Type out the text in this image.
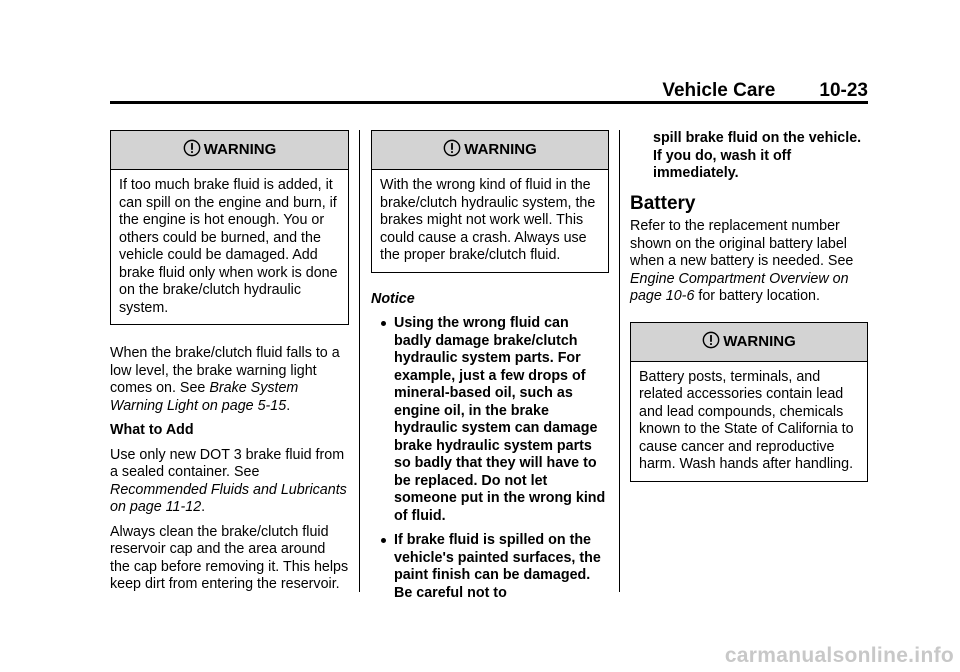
Vehicle Care 10-23
WARNING
If too much brake fluid is added, it can spill on the engine and burn, if the engine is hot enough. You or others could be burned, and the vehicle could be damaged. Add brake fluid only when work is done on the brake/clutch hydraulic system.

When the brake/clutch fluid falls to a low level, the brake warning light comes on. See Brake System Warning Light on page 5-15.

What to Add

Use only new DOT 3 brake fluid from a sealed container. See Recommended Fluids and Lubricants on page 11-12.

Always clean the brake/clutch fluid reservoir cap and the area around the cap before removing it. This helps keep dirt from entering the reservoir.

WARNING
With the wrong kind of fluid in the brake/clutch hydraulic system, the brakes might not work well. This could cause a crash. Always use the proper brake/clutch fluid.

Notice

Using the wrong fluid can badly damage brake/clutch hydraulic system parts. For example, just a few drops of mineral-based oil, such as engine oil, in the brake hydraulic system can damage brake hydraulic system parts so badly that they will have to be replaced. Do not let someone put in the wrong kind of fluid.
If brake fluid is spilled on the vehicle's painted surfaces, the paint finish can be damaged. Be careful not to

spill brake fluid on the vehicle. If you do, wash it off immediately.

Battery

Refer to the replacement number shown on the original battery label when a new battery is needed. See Engine Compartment Overview on page 10-6 for battery location.

WARNING
Battery posts, terminals, and related accessories contain lead and lead compounds, chemicals known to the State of California to cause cancer and reproductive harm. Wash hands after handling.
carmanualsonline.info
